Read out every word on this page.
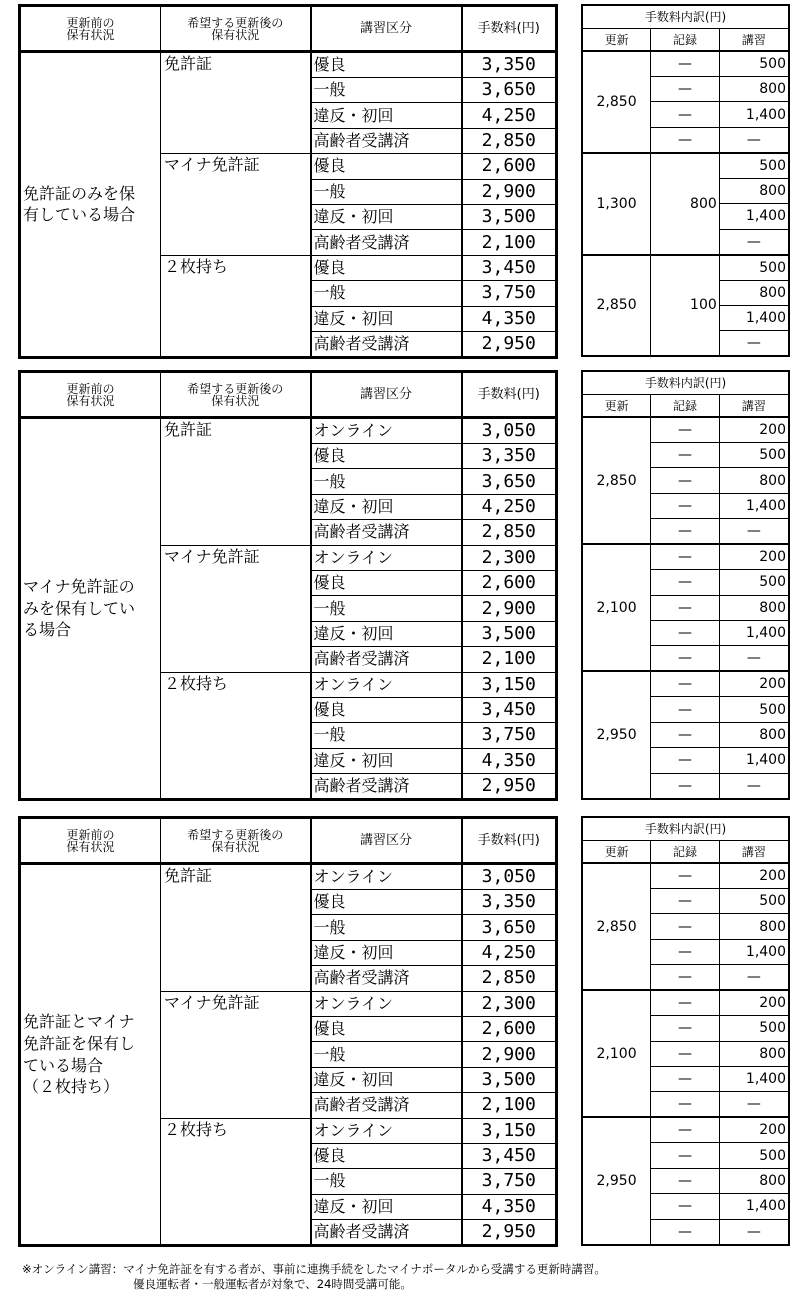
更新前の
保有状況	希望する更新後の
保有状況	講習区分	手数料(円)
免許証のみを保
有している場合	免許証	優良	3,350
		一般	3,650
		違反・初回	4,250
		高齢者受講済	2,850
	マイナ免許証	優良	2,600
		一般	2,900
		違反・初回	3,500
		高齢者受講済	2,100
	２枚持ち	優良	3,450
		一般	3,750
		違反・初回	4,350
		高齢者受講済	2,950
手数料内訳(円)		
更新	記録	講習
2,850	—	500
	—	800
	—	1,400
	—	—
1,300	800	500
		800
		1,400
		—
2,850	100	500
		800
		1,400
		—
更新前の
保有状況	希望する更新後の
保有状況	講習区分	手数料(円)
マイナ免許証の
みを保有してい
る場合	免許証	オンライン	3,050
		優良	3,350
		一般	3,650
		違反・初回	4,250
		高齢者受講済	2,850
	マイナ免許証	オンライン	2,300
		優良	2,600
		一般	2,900
		違反・初回	3,500
		高齢者受講済	2,100
	２枚持ち	オンライン	3,150
		優良	3,450
		一般	3,750
		違反・初回	4,350
		高齢者受講済	2,950
手数料内訳(円)		
更新	記録	講習
2,850	—	200
	—	500
	—	800
	—	1,400
	—	—
2,100	—	200
	—	500
	—	800
	—	1,400
	—	—
2,950	—	200
	—	500
	—	800
	—	1,400
	—	—
更新前の
保有状況	希望する更新後の
保有状況	講習区分	手数料(円)
免許証とマイナ
免許証を保有し
ている場合
（２枚持ち）	免許証	オンライン	3,050
		優良	3,350
		一般	3,650
		違反・初回	4,250
		高齢者受講済	2,850
	マイナ免許証	オンライン	2,300
		優良	2,600
		一般	2,900
		違反・初回	3,500
		高齢者受講済	2,100
	２枚持ち	オンライン	3,150
		優良	3,450
		一般	3,750
		違反・初回	4,350
		高齢者受講済	2,950
手数料内訳(円)		
更新	記録	講習
2,850	—	200
	—	500
	—	800
	—	1,400
	—	—
2,100	—	200
	—	500
	—	800
	—	1,400
	—	—
2,950	—	200
	—	500
	—	800
	—	1,400
	—	—
※オンライン講習：マイナ免許証を有する者が、事前に連携手続をしたマイナポータルから受講する更新時講習。
優良運転者・一般運転者が対象で、24時間受講可能。
